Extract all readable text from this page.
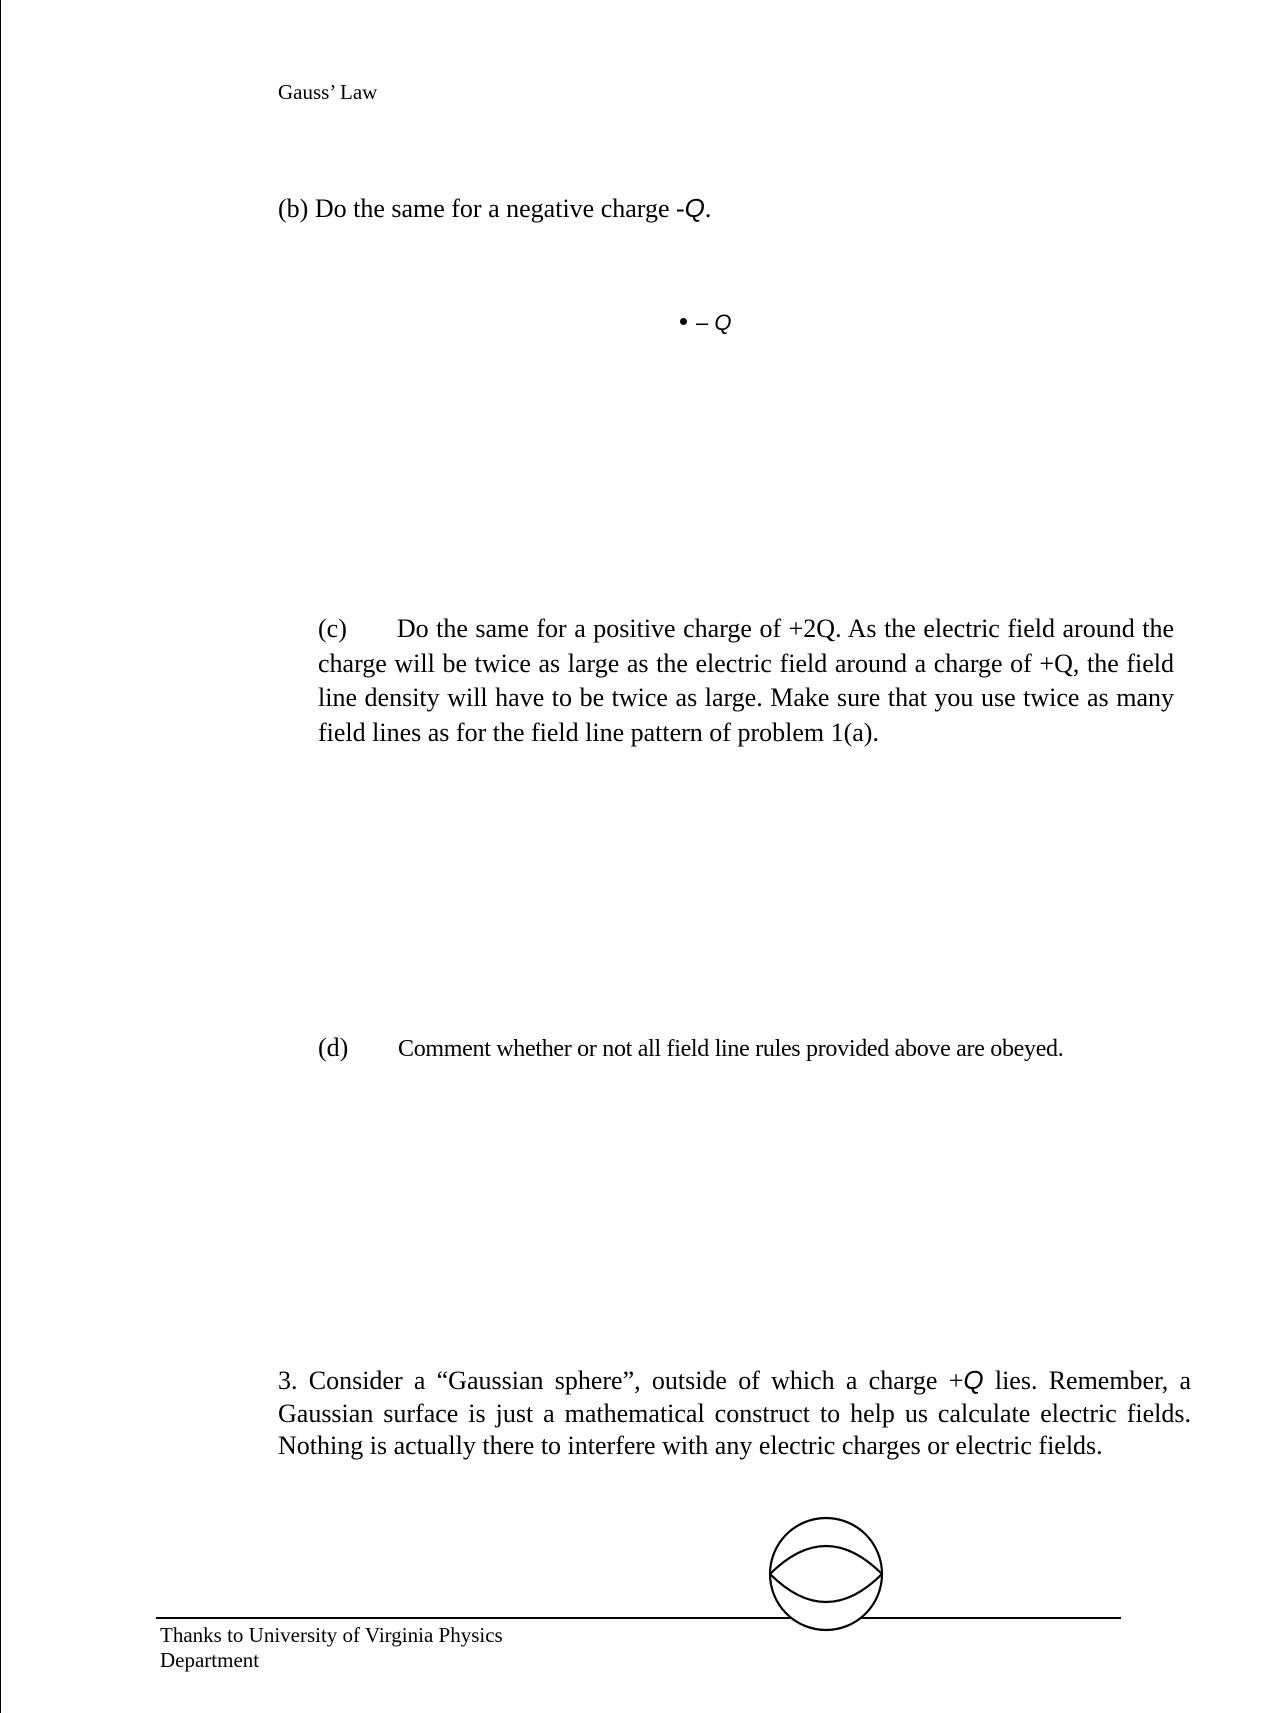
Gauss’ Law
(b) Do the same for a negative charge -Q.
–
Q
(c) Do the same for a positive charge of +2Q. As the electric field around the charge will be twice as large as the electric field around a charge of +Q, the field line density will have to be twice as large. Make sure that you use twice as many field lines as for the field line pattern of problem 1(a).
(d)	Comment whether or not all field line rules provided above are obeyed.
3. Consider a “Gaussian sphere”, outside of which a charge +Q lies. Remember, a Gaussian surface is just a mathematical construct to help us calculate electric fields. Nothing is actually there to interfere with any electric charges or electric fields.
Thanks to University of Virginia Physics Department
